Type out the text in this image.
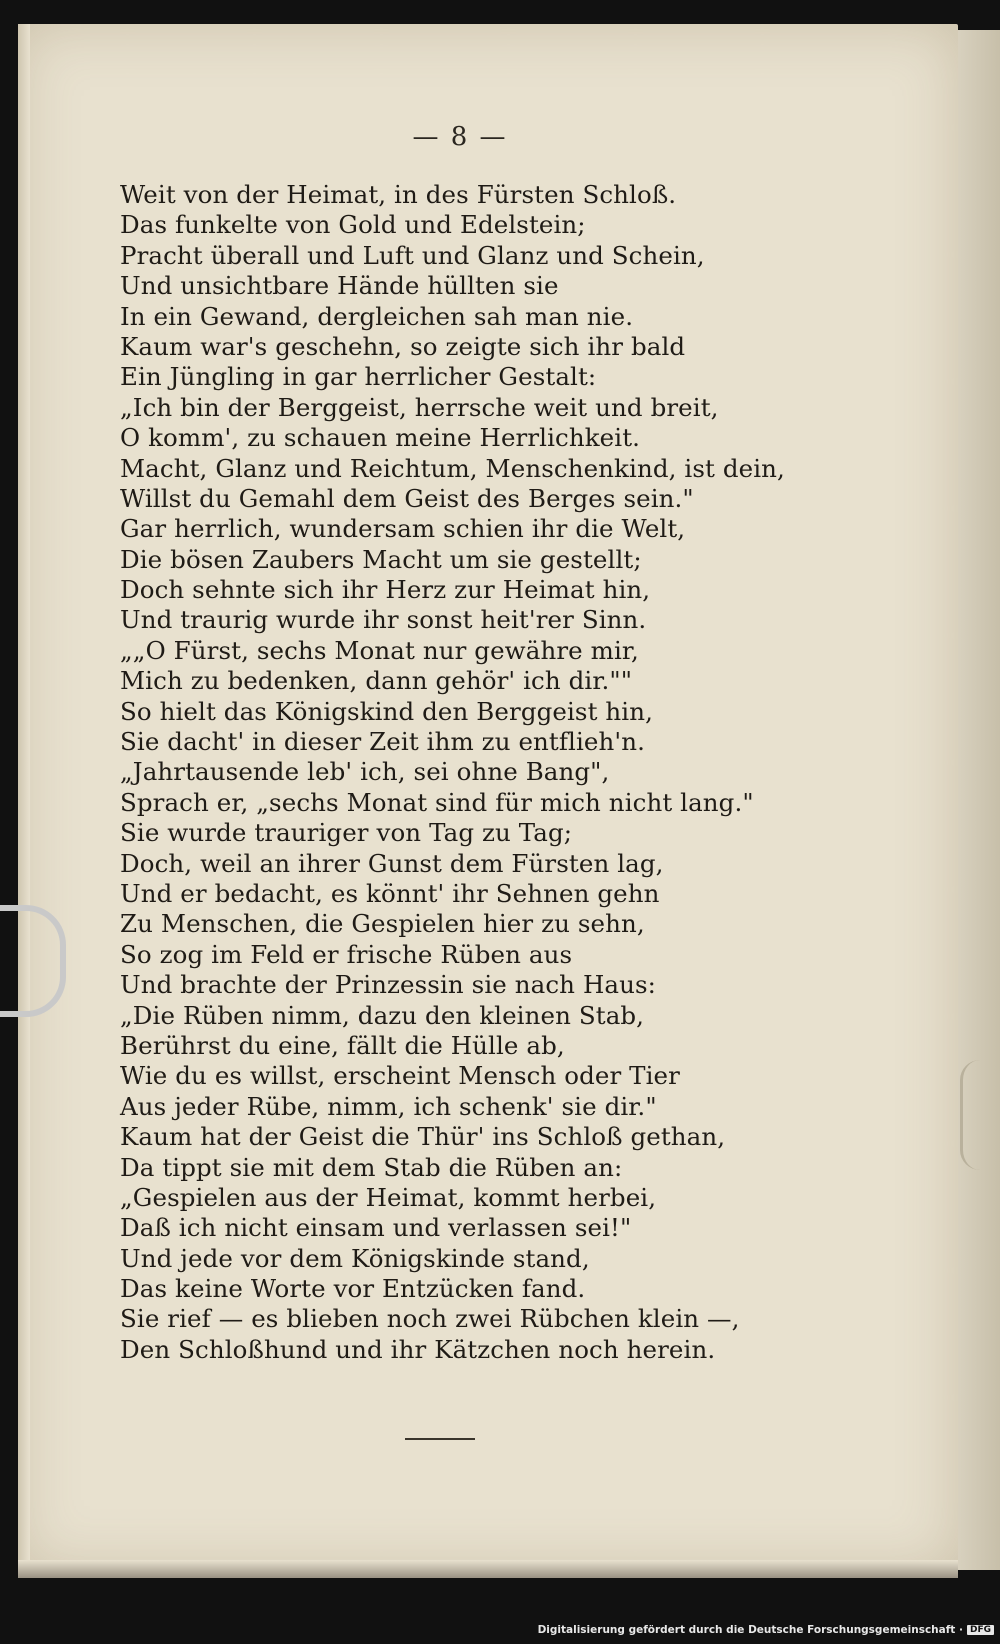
— 8 —
Weit von der Heimat, in des Fürsten Schloß.
Das funkelte von Gold und Edelstein;
Pracht überall und Luft und Glanz und Schein,
Und unsichtbare Hände hüllten sie
In ein Gewand, dergleichen sah man nie.
Kaum war's geschehn, so zeigte sich ihr bald
Ein Jüngling in gar herrlicher Gestalt:
„Ich bin der Berggeist, herrsche weit und breit,
O komm', zu schauen meine Herrlichkeit.
Macht, Glanz und Reichtum, Menschenkind, ist dein,
Willst du Gemahl dem Geist des Berges sein."
Gar herrlich, wundersam schien ihr die Welt,
Die bösen Zaubers Macht um sie gestellt;
Doch sehnte sich ihr Herz zur Heimat hin,
Und traurig wurde ihr sonst heit'rer Sinn.
„„O Fürst, sechs Monat nur gewähre mir,
Mich zu bedenken, dann gehör' ich dir.""
So hielt das Königskind den Berggeist hin,
Sie dacht' in dieser Zeit ihm zu entflieh'n.
„Jahrtausende leb' ich, sei ohne Bang",
Sprach er, „sechs Monat sind für mich nicht lang."
Sie wurde trauriger von Tag zu Tag;
Doch, weil an ihrer Gunst dem Fürsten lag,
Und er bedacht, es könnt' ihr Sehnen gehn
Zu Menschen, die Gespielen hier zu sehn,
So zog im Feld er frische Rüben aus
Und brachte der Prinzessin sie nach Haus:
„Die Rüben nimm, dazu den kleinen Stab,
Berührst du eine, fällt die Hülle ab,
Wie du es willst, erscheint Mensch oder Tier
Aus jeder Rübe, nimm, ich schenk' sie dir."
Kaum hat der Geist die Thür' ins Schloß gethan,
Da tippt sie mit dem Stab die Rüben an:
„Gespielen aus der Heimat, kommt herbei,
Daß ich nicht einsam und verlassen sei!"
Und jede vor dem Königskinde stand,
Das keine Worte vor Entzücken fand.
Sie rief — es blieben noch zwei Rübchen klein —,
Den Schloßhund und ihr Kätzchen noch herein.
Digitalisierung gefördert durch die Deutsche Forschungsgemeinschaft · DFG
